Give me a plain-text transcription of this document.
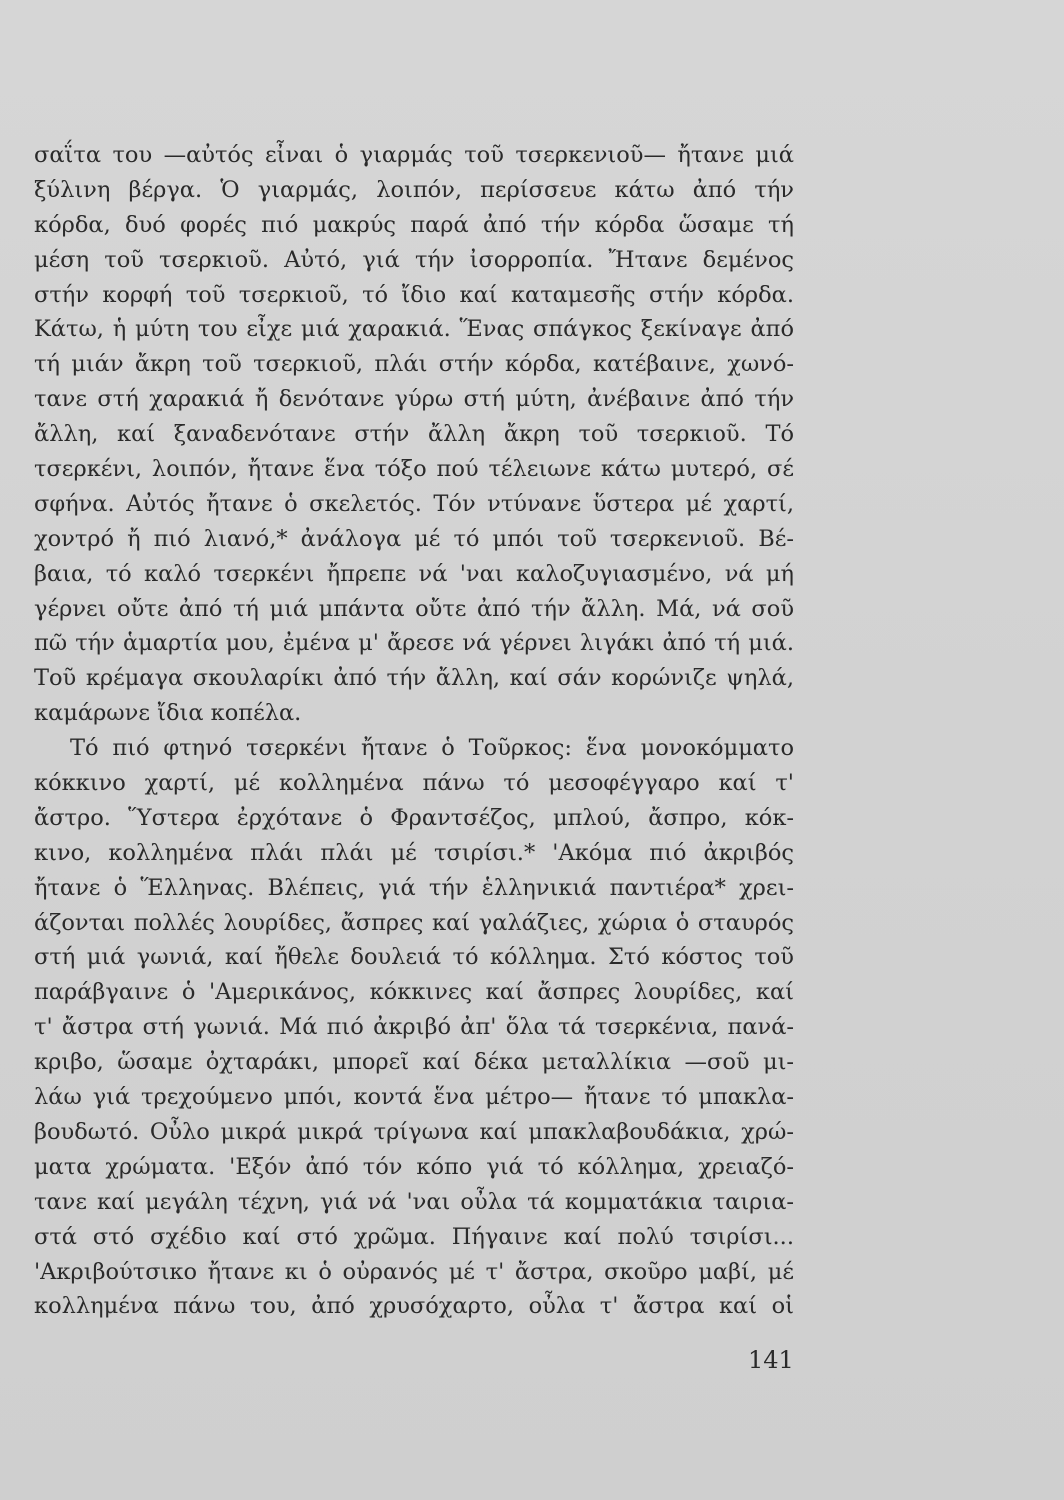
σαΐτα του —αὐτός εἶναι ὁ γιαρμάς τοῦ τσερκενιοῦ— ἤτανε μιά
ξύλινη βέργα. Ὁ γιαρμάς, λοιπόν, περίσσευε κάτω ἀπό τήν
κόρδα, δυό φορές πιό μακρύς παρά ἀπό τήν κόρδα ὥσαμε τή
μέση τοῦ τσερκιοῦ. Αὐτό, γιά τήν ἰσορροπία. Ἤτανε δεμένος
στήν κορφή τοῦ τσερκιοῦ, τό ἴδιο καί καταμεσῆς στήν κόρδα.
Κάτω, ἡ μύτη του εἶχε μιά χαρακιά. Ἕνας σπάγκος ξεκίναγε ἀπό
τή μιάν ἄκρη τοῦ τσερκιοῦ, πλάι στήν κόρδα, κατέβαινε, χωνό-
τανε στή χαρακιά ἤ δενότανε γύρω στή μύτη, ἀνέβαινε ἀπό τήν
ἄλλη, καί ξαναδενότανε στήν ἄλλη ἄκρη τοῦ τσερκιοῦ. Τό
τσερκένι, λοιπόν, ἤτανε ἕνα τόξο πού τέλειωνε κάτω μυτερό, σέ
σφήνα. Αὐτός ἤτανε ὁ σκελετός. Τόν ντύνανε ὕστερα μέ χαρτί,
χοντρό ἤ πιό λιανό,* ἀνάλογα μέ τό μπόι τοῦ τσερκενιοῦ. Βέ-
βαια, τό καλό τσερκένι ἤπρεπε νά 'ναι καλοζυγιασμένο, νά μή
γέρνει οὔτε ἀπό τή μιά μπάντα οὔτε ἀπό τήν ἄλλη. Μά, νά σοῦ
πῶ τήν ἁμαρτία μου, ἐμένα μ' ἄρεσε νά γέρνει λιγάκι ἀπό τή μιά.
Τοῦ κρέμαγα σκουλαρίκι ἀπό τήν ἄλλη, καί σάν κορώνιζε ψηλά,
καμάρωνε ἴδια κοπέλα.
Τό πιό φτηνό τσερκένι ἤτανε ὁ Τοῦρκος: ἕνα μονοκόμματο
κόκκινο χαρτί, μέ κολλημένα πάνω τό μεσοφέγγαρο καί τ'
ἄστρο. Ὕστερα ἐρχότανε ὁ Φραντσέζος, μπλού, ἄσπρο, κόκ-
κινο, κολλημένα πλάι πλάι μέ τσιρίσι.* 'Ακόμα πιό ἀκριβός
ἤτανε ὁ Ἕλληνας. Βλέπεις, γιά τήν ἑλληνικιά παντιέρα* χρει-
άζονται πολλές λουρίδες, ἄσπρες καί γαλάζιες, χώρια ὁ σταυρός
στή μιά γωνιά, καί ἤθελε δουλειά τό κόλλημα. Στό κόστος τοῦ
παράβγαινε ὁ 'Αμερικάνος, κόκκινες καί ἄσπρες λουρίδες, καί
τ' ἄστρα στή γωνιά. Μά πιό ἀκριβό ἀπ' ὅλα τά τσερκένια, πανά-
κριβο, ὥσαμε ὀχταράκι, μπορεῖ καί δέκα μεταλλίκια —σοῦ μι-
λάω γιά τρεχούμενο μπόι, κοντά ἕνα μέτρο— ἤτανε τό μπακλα-
βουδωτό. Οὖλο μικρά μικρά τρίγωνα καί μπακλαβουδάκια, χρώ-
ματα χρώματα. 'Εξόν ἀπό τόν κόπο γιά τό κόλλημα, χρειαζό-
τανε καί μεγάλη τέχνη, γιά νά 'ναι οὖλα τά κομματάκια ταιρια-
στά στό σχέδιο καί στό χρῶμα. Πήγαινε καί πολύ τσιρίσι...
'Ακριβούτσικο ἤτανε κι ὁ οὐρανός μέ τ' ἄστρα, σκοῦρο μαβί, μέ
κολλημένα πάνω του, ἀπό χρυσόχαρτο, οὖλα τ' ἄστρα καί οἱ
141
